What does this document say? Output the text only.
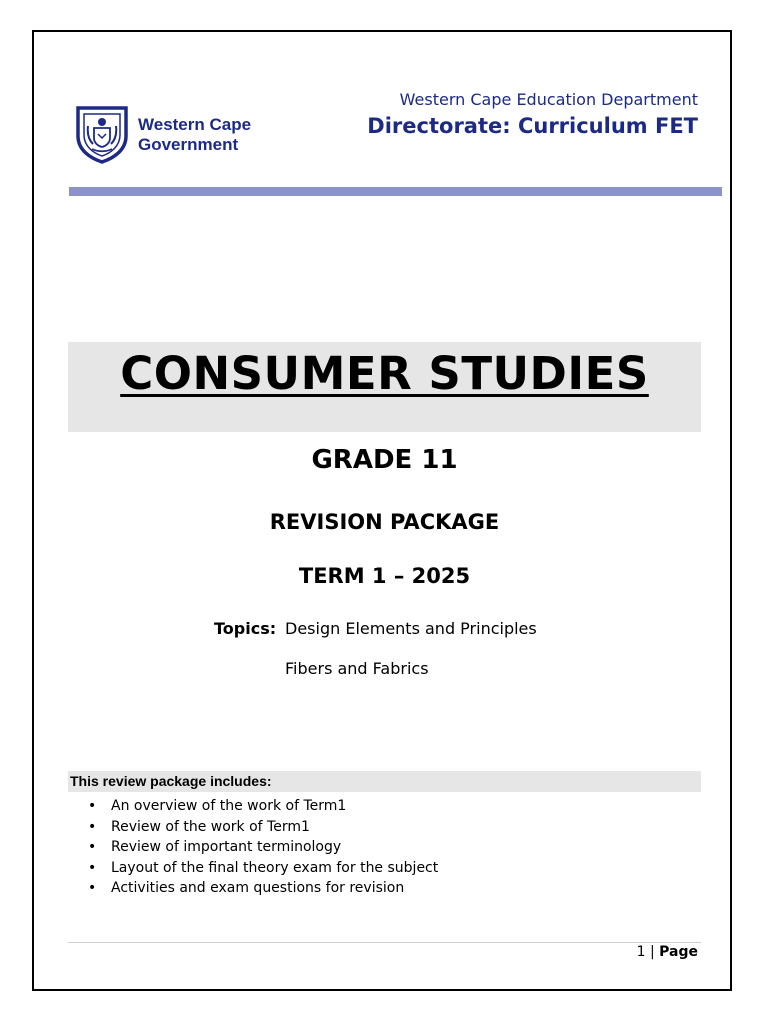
Western Cape
Government
Western Cape Education Department
Directorate: Curriculum FET
CONSUMER STUDIES
GRADE 11
REVISION PACKAGE
TERM 1 – 2025
Topics: Design Elements and Principles
Fibers and Fabrics
This review package includes:
• An overview of the work of Term1
• Review of the work of Term1
• Review of important terminology
• Layout of the final theory exam for the subject
• Activities and exam questions for revision
1 | Page
